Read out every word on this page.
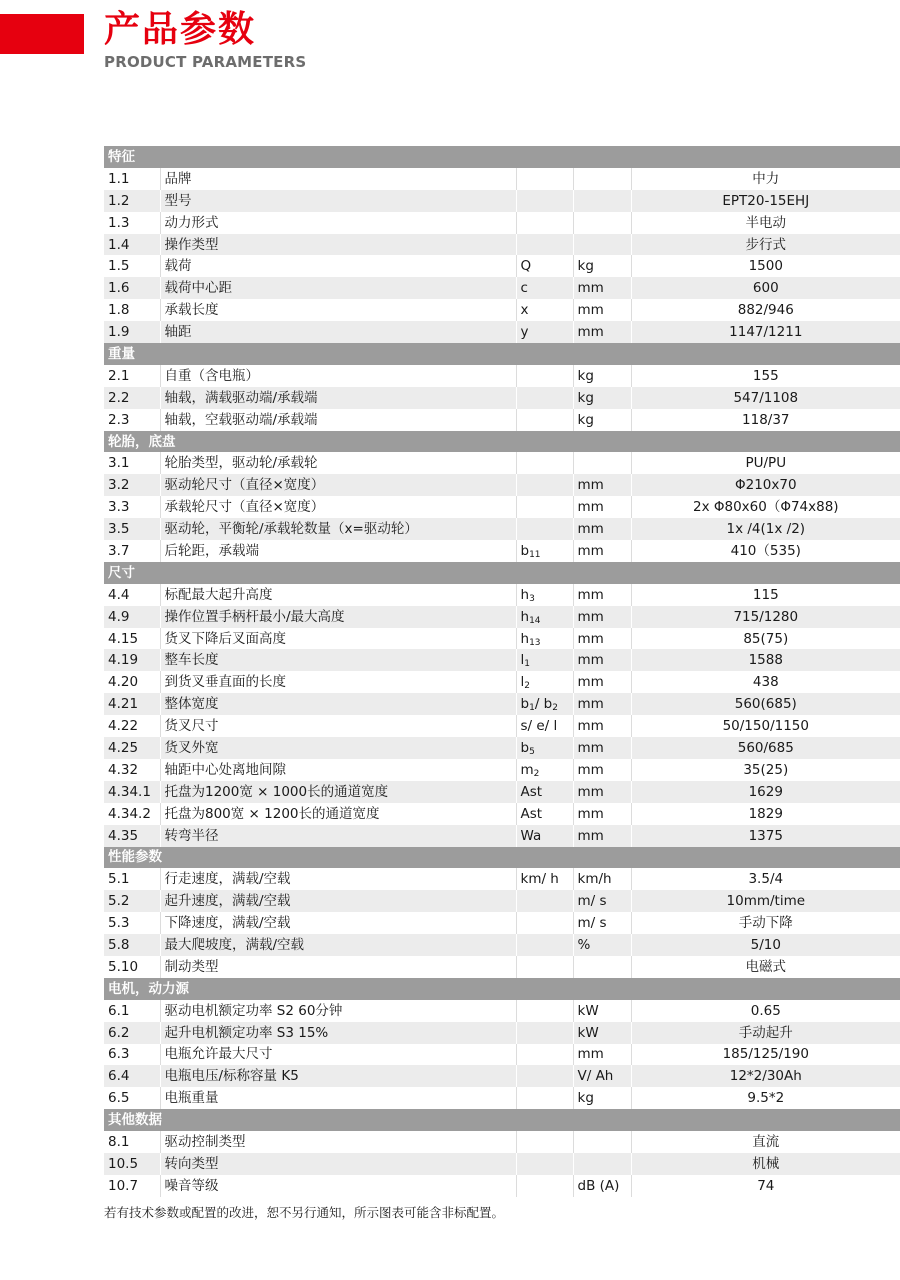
产品参数
PRODUCT PARAMETERS
特征				
1.1	品牌			中力
1.2	型号			EPT20-15EHJ
1.3	动力形式			半电动
1.4	操作类型			步行式
1.5	载荷	Q	kg	1500
1.6	载荷中心距	c	mm	600
1.8	承载长度	x	mm	882/946
1.9	轴距	y	mm	1147/1211
重量				
2.1	自重（含电瓶）		kg	155
2.2	轴载，满载驱动端/承载端		kg	547/1108
2.3	轴载，空载驱动端/承载端		kg	118/37
轮胎，底盘				
3.1	轮胎类型，驱动轮/承载轮			PU/PU
3.2	驱动轮尺寸（直径×宽度）		mm	Φ210x70
3.3	承载轮尺寸（直径×宽度）		mm	2x Φ80x60（Φ74x88)
3.5	驱动轮，平衡轮/承载轮数量（x=驱动轮）		mm	1x /4(1x /2)
3.7	后轮距，承载端	$b_{11}$	mm	410（535)
尺寸				
4.4	标配最大起升高度	$h_3$	mm	115
4.9	操作位置手柄杆最小/最大高度	$h_{14}$	mm	715/1280
4.15	货叉下降后叉面高度	$h_{13}$	mm	85(75)
4.19	整车长度	$l_1$	mm	1588
4.20	到货叉垂直面的长度	$l_2$	mm	438
4.21	整体宽度	$b_1/$ $b_2$	mm	560(685)
4.22	货叉尺寸	s/ e/ l	mm	50/150/1150
4.25	货叉外宽	$b_5$	mm	560/685
4.32	轴距中心处离地间隙	$m_2$	mm	35(25)
4.34.1	托盘为1200宽 × 1000长的通道宽度	Ast	mm	1629
4.34.2	托盘为800宽 × 1200长的通道宽度	Ast	mm	1829
4.35	转弯半径	Wa	mm	1375
性能参数				
5.1	行走速度，满载/空载	km/ h	km/h	3.5/4
5.2	起升速度，满载/空载		m/ s	10mm/time
5.3	下降速度，满载/空载		m/ s	手动下降
5.8	最大爬坡度，满载/空载		%	5/10
5.10	制动类型			电磁式
电机，动力源				
6.1	驱动电机额定功率 S2 60分钟		kW	0.65
6.2	起升电机额定功率 S3 15%		kW	手动起升
6.3	电瓶允许最大尺寸		mm	185/125/190
6.4	电瓶电压/标称容量 K5		V/ Ah	12*2/30Ah
6.5	电瓶重量		kg	9.5*2
其他数据				
8.1	驱动控制类型			直流
10.5	转向类型			机械
10.7	噪音等级		dB (A)	74
若有技术参数或配置的改进，恕不另行通知，所示图表可能含非标配置。
